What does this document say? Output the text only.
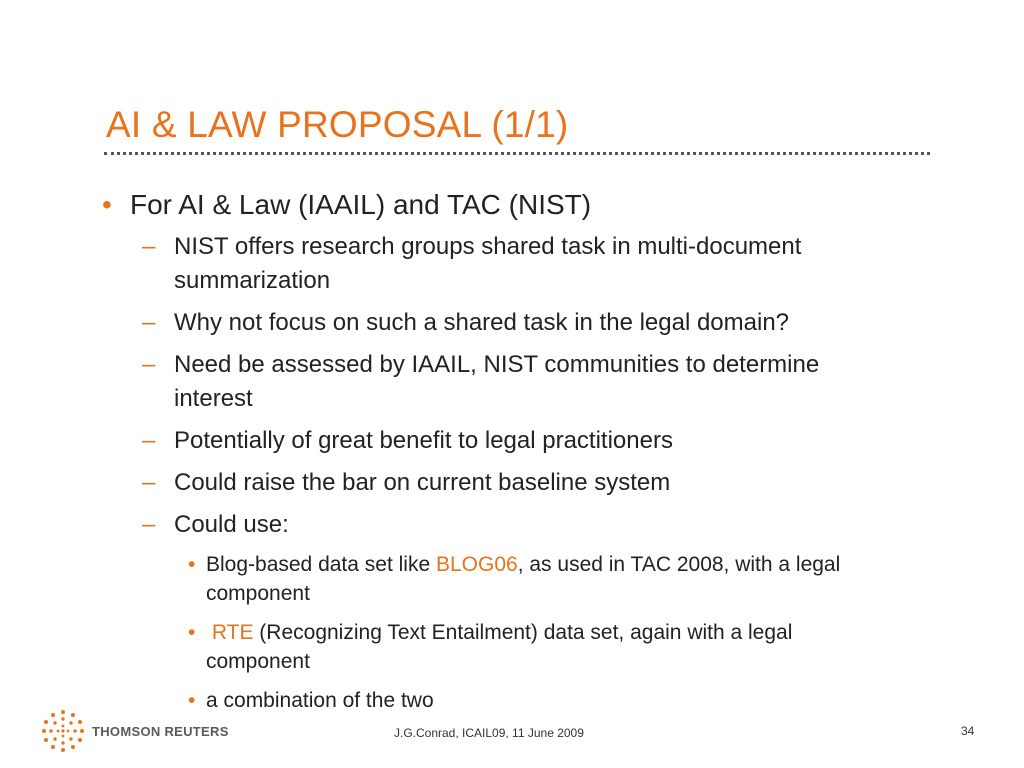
AI & LAW PROPOSAL (1/1)
• For AI & Law (IAAIL) and TAC (NIST)
– NIST offers research groups shared task in multi-document summarization
– Why not focus on such a shared task in the legal domain?
– Need be assessed by IAAIL, NIST communities to determine interest
– Potentially of great benefit to legal practitioners
– Could raise the bar on current baseline system
– Could use:
• Blog-based data set like BLOG06, as used in TAC 2008, with a legal component
• RTE (Recognizing Text Entailment) data set, again with a legal component
• a combination of the two
THOMSON REUTERS	J.G.Conrad, ICAIL09, 11 June 2009	34
